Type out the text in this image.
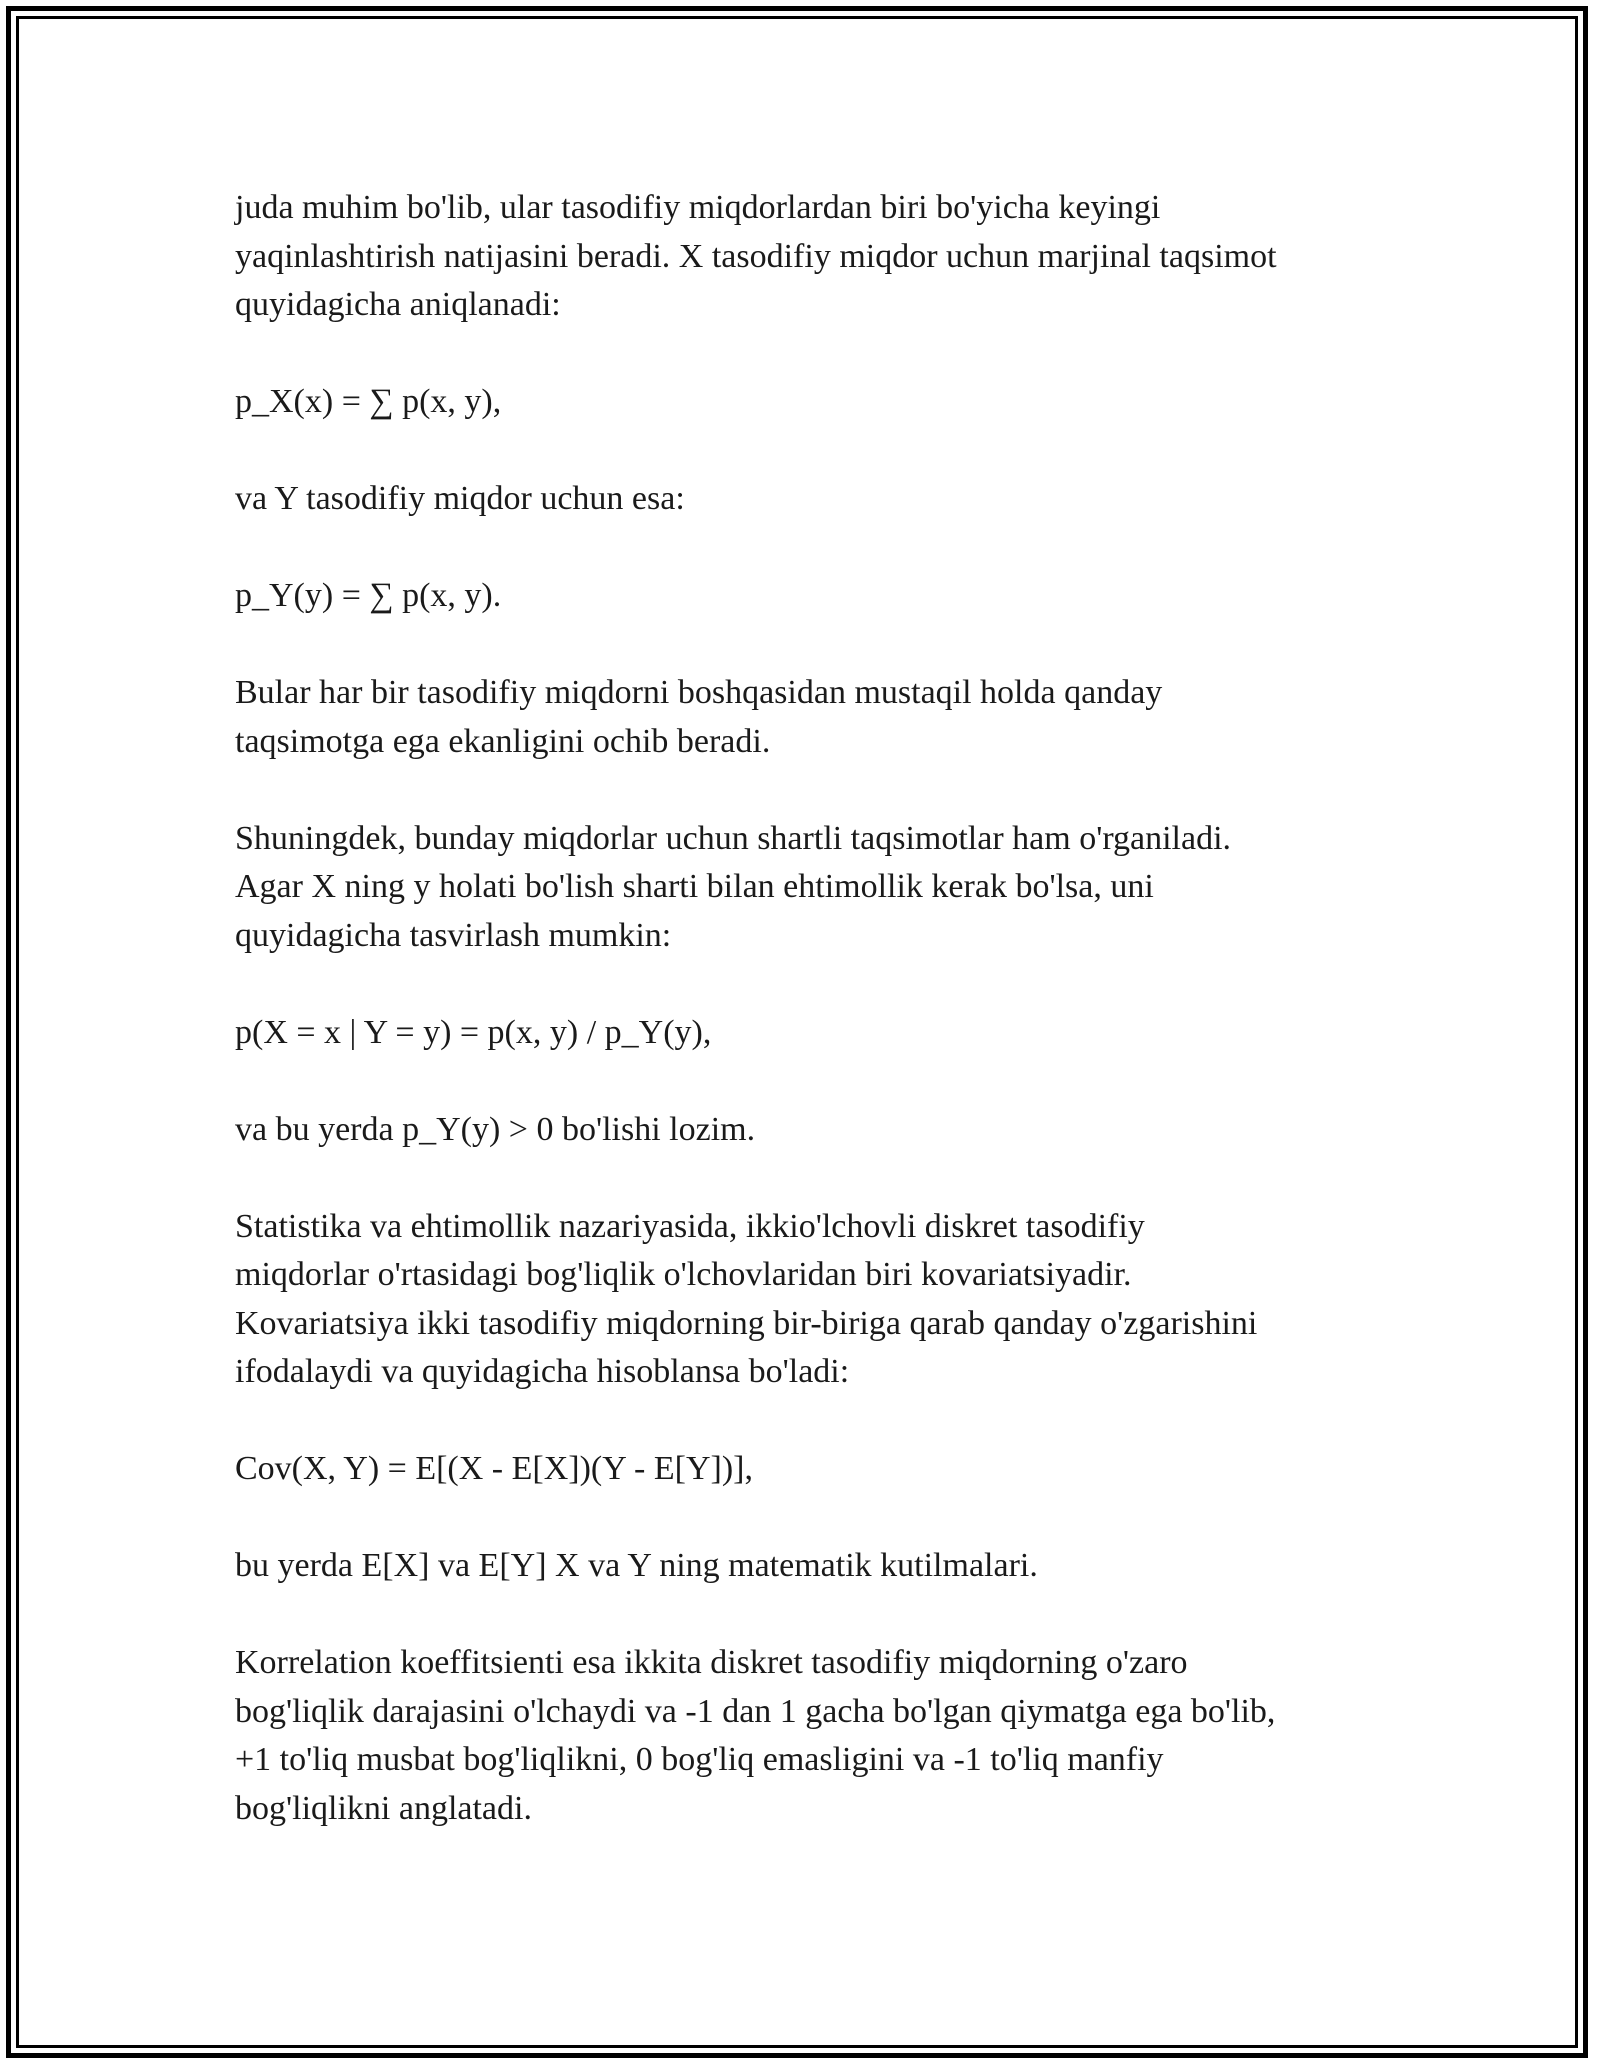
juda muhim bo'lib, ular tasodifiy miqdorlardan biri bo'yicha keyingi
yaqinlashtirish natijasini beradi. X tasodifiy miqdor uchun marjinal taqsimot
quyidagicha aniqlanadi:

p_X(x) = ∑ p(x, y),

va Y tasodifiy miqdor uchun esa:

p_Y(y) = ∑ p(x, y).

Bular har bir tasodifiy miqdorni boshqasidan mustaqil holda qanday
taqsimotga ega ekanligini ochib beradi.

Shuningdek, bunday miqdorlar uchun shartli taqsimotlar ham o'rganiladi.
Agar X ning y holati bo'lish sharti bilan ehtimollik kerak bo'lsa, uni
quyidagicha tasvirlash mumkin:

p(X = x | Y = y) = p(x, y) / p_Y(y),

va bu yerda p_Y(y) > 0 bo'lishi lozim.

Statistika va ehtimollik nazariyasida, ikkio'lchovli diskret tasodifiy
miqdorlar o'rtasidagi bog'liqlik o'lchovlaridan biri kovariatsiyadir.
Kovariatsiya ikki tasodifiy miqdorning bir-biriga qarab qanday o'zgarishini
ifodalaydi va quyidagicha hisoblansa bo'ladi:

Cov(X, Y) = E[(X - E[X])(Y - E[Y])],

bu yerda E[X] va E[Y] X va Y ning matematik kutilmalari.

Korrelation koeffitsienti esa ikkita diskret tasodifiy miqdorning o'zaro
bog'liqlik darajasini o'lchaydi va -1 dan 1 gacha bo'lgan qiymatga ega bo'lib,
+1 to'liq musbat bog'liqlikni, 0 bog'liq emasligini va -1 to'liq manfiy
bog'liqlikni anglatadi.
